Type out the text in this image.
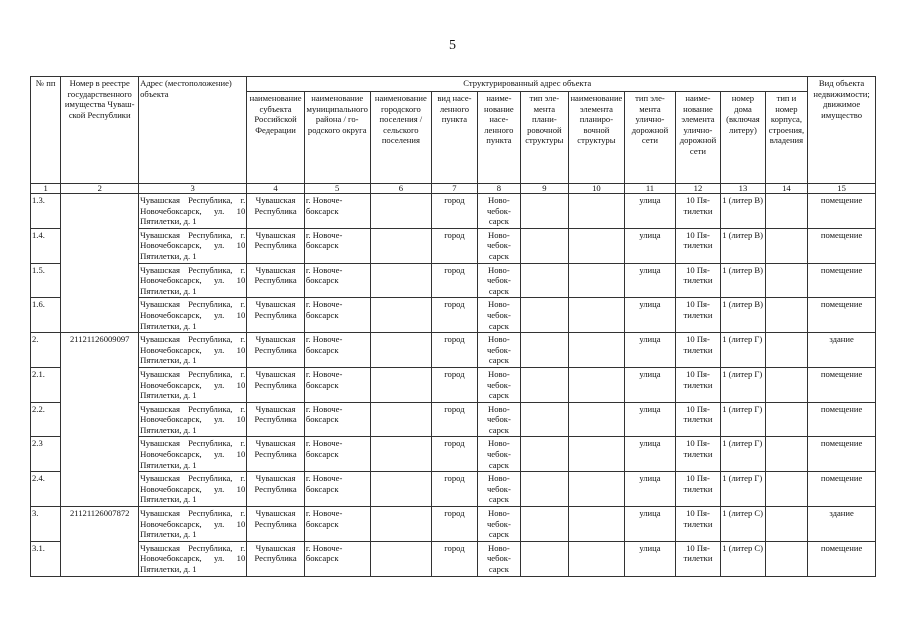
5
№ пп	Номер в реестре государственного имущества Чувашской Республики	Адрес (местоположение) объекта	Структурированный адрес объекта											Вид объекта недвижимости; движимое имущество
			наименование субъекта Российской Федерации	наименование муниципального района / городского округа	наименование городского поселения / сельского поселения	вид населенного пункта	наименование населенного пункта	тип элемента планировочной структуры	наименование элемента планировочной структуры	тип элемента уличнодорожной сети	наименование элемента уличнодорожной сети	номер дома (включая литеру)	тип и номер корпуса, строения, владения	
1	2	3	4	5	6	7	8	9	10	11	12	13	14	15
1.3.		Чувашская Республика, г. Новочебоксарск, ул. 10 Пятилетки, д. 1	Чувашская Республика	г. Новочебоксарск		город	Новочебоксарск			улица	10 Пятилетки	1 (литер В)		помещение
1.4.		Чувашская Республика, г. Новочебоксарск, ул. 10 Пятилетки, д. 1	Чувашская Республика	г. Новочебоксарск		город	Новочебоксарск			улица	10 Пятилетки	1 (литер В)		помещение
1.5.		Чувашская Республика, г. Новочебоксарск, ул. 10 Пятилетки, д. 1	Чувашская Республика	г. Новочебоксарск		город	Новочебоксарск			улица	10 Пятилетки	1 (литер В)		помещение
1.6.		Чувашская Республика, г. Новочебоксарск, ул. 10 Пятилетки, д. 1	Чувашская Республика	г. Новочебоксарск		город	Новочебоксарск			улица	10 Пятилетки	1 (литер В)		помещение
2.	21121126009097	Чувашская Республика, г. Новочебоксарск, ул. 10 Пятилетки, д. 1	Чувашская Республика	г. Новочебоксарск		город	Новочебоксарск			улица	10 Пятилетки	1 (литер Г)		здание
2.1.		Чувашская Республика, г. Новочебоксарск, ул. 10 Пятилетки, д. 1	Чувашская Республика	г. Новочебоксарск		город	Новочебоксарск			улица	10 Пятилетки	1 (литер Г)		помещение
2.2.		Чувашская Республика, г. Новочебоксарск, ул. 10 Пятилетки, д. 1	Чувашская Республика	г. Новочебоксарск		город	Новочебоксарск			улица	10 Пятилетки	1 (литер Г)		помещение
2.3		Чувашская Республика, г. Новочебоксарск, ул. 10 Пятилетки, д. 1	Чувашская Республика	г. Новочебоксарск		город	Новочебоксарск			улица	10 Пятилетки	1 (литер Г)		помещение
2.4.		Чувашская Республика, г. Новочебоксарск, ул. 10 Пятилетки, д. 1	Чувашская Республика	г. Новочебоксарск		город	Новочебоксарск			улица	10 Пятилетки	1 (литер Г)		помещение
3.	21121126007872	Чувашская Республика, г. Новочебоксарск, ул. 10 Пятилетки, д. 1	Чувашская Республика	г. Новочебоксарск		город	Новочебоксарск			улица	10 Пятилетки	1 (литер С)		здание
3.1.		Чувашская Республика, г. Новочебоксарск, ул. 10 Пятилетки, д. 1	Чувашская Республика	г. Новочебоксарск		город	Новочебоксарск			улица	10 Пятилетки	1 (литер С)		помещение
